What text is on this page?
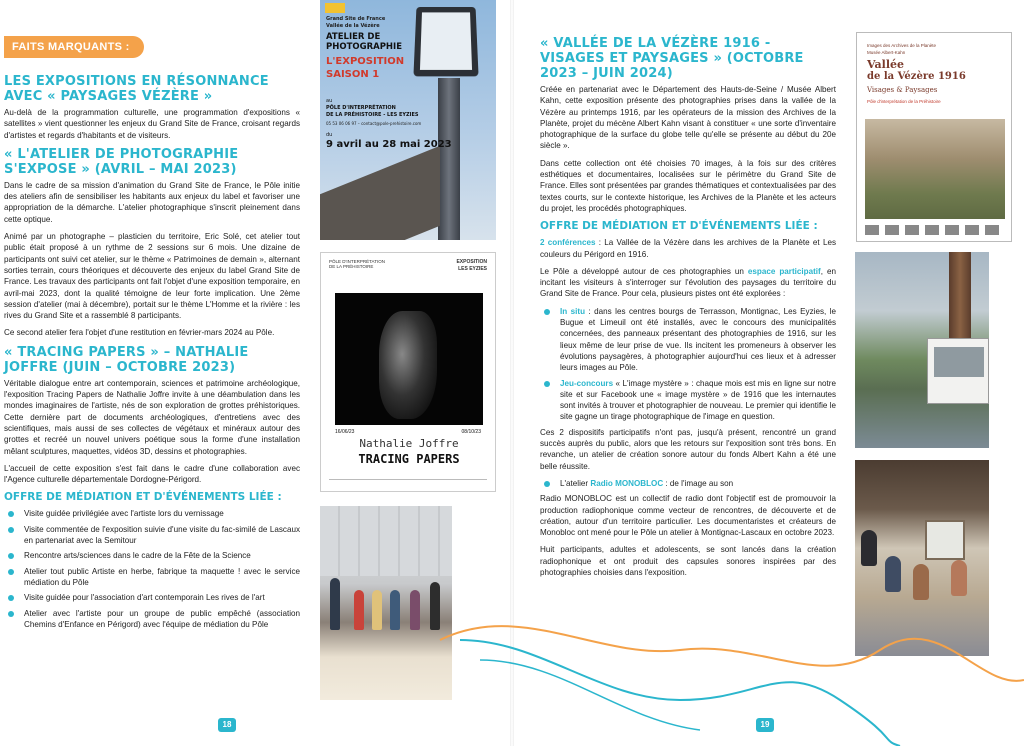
FAITS MARQUANTS :
LES EXPOSITIONS EN RÉSONNANCE AVEC « PAYSAGES VÉZÈRE »

Au-delà de la programmation culturelle, une programmation d'expositions « satellites » vient questionner les enjeux du Grand Site de France, croisant regards d'artistes et regards d'habitants et de visiteurs.

« L'ATELIER DE PHOTOGRAPHIE S'EXPOSE » (AVRIL – MAI 2023)

Dans le cadre de sa mission d'animation du Grand Site de France, le Pôle initie des ateliers afin de sensibiliser les habitants aux enjeux du label et favoriser une appropriation de la démarche. L'atelier photographique s'inscrit pleinement dans cette optique.

Animé par un photographe – plasticien du territoire, Eric Solé, cet atelier tout public était proposé à un rythme de 2 sessions sur 6 mois. Une dizaine de participants ont suivi cet atelier, sur le thème « Patrimoines de demain », alternant sorties terrain, cours théoriques et découverte des enjeux du label Grand Site de France. Les travaux des participants ont fait l'objet d'une exposition temporaire, en avril-mai 2023, dont la qualité témoigne de leur forte implication. Une 2ème session d'atelier (mai à décembre), portait sur le thème L'Homme et la rivière : les rives du Grand Site et a rassemblé 8 participants.

Ce second atelier fera l'objet d'une restitution en février-mars 2024 au Pôle.

« TRACING PAPERS » – NATHALIE JOFFRE (JUIN – OCTOBRE 2023)

Véritable dialogue entre art contemporain, sciences et patrimoine archéologique, l'exposition Tracing Papers de Nathalie Joffre invite à une déambulation dans les mondes imaginaires de l'artiste, nés de son exploration de grottes préhistoriques. Cette dernière part de documents archéologiques, d'entretiens avec des scientifiques, mais aussi de ses collectes de végétaux et minéraux autour des grottes et recréé un nouvel univers poétique sous la forme d'une installation mêlant sculptures, maquettes, vidéos 3D, dessins et photographies.

L'accueil de cette exposition s'est fait dans le cadre d'une collaboration avec l'Agence culturelle départementale Dordogne-Périgord.

OFFRE DE MÉDIATION ET D'ÉVÉNEMENTS LIÉE :
Visite guidée privilégiée avec l'artiste lors du vernissage
Visite commentée de l'exposition suivie d'une visite du fac-similé de Lascaux en partenariat avec la Semitour
Rencontre arts/sciences dans le cadre de la Fête de la Science
Atelier tout public Artiste en herbe, fabrique ta maquette ! avec le service médiation du Pôle
Visite guidée pour l'association d'art contemporain Les rives de l'art
Atelier avec l'artiste pour un groupe de public empêché (association Chemins d'Enfance en Périgord) avec l'équipe de médiation du Pôle
Grand Site de France
Vallée de la Vézère
ATELIER DE
PHOTOGRAPHIE
L'EXPOSITION
SAISON 1
au
PÔLE D'INTERPRÉTATION
DE LA PRÉHISTOIRE - LES EYZIES
05 53 06 06 97 – contact@pole-prehistoire.com
du
9 avril au 28 mai 2023
PÔLE D'INTERPRÉTATION DE LA PRÉHISTOIRE
EXPOSITION
LES EYZIES
16/06/23	08/10/23
Nathalie Joffre
TRACING PAPERS
18
« VALLÉE DE LA VÉZÈRE 1916 - VISAGES ET PAYSAGES » (OCTOBRE 2023 – JUIN 2024)

Créée en partenariat avec le Département des Hauts-de-Seine / Musée Albert Kahn, cette exposition présente des photographies prises dans la vallée de la Vézère au printemps 1916, par les opérateurs de la mission des Archives de la Planète, projet du mécène Albert Kahn visant à constituer « une sorte d'inventaire photographique de la surface du globe telle qu'elle se présente au début du 20e siècle ».

Dans cette collection ont été choisies 70 images, à la fois sur des critères esthétiques et documentaires, localisées sur le périmètre du Grand Site de France. Elles sont présentées par grandes thématiques et contextualisées par des textes courts, sur le contexte historique, les Archives de la Planète et les acteurs du projet, les procédés photographiques.

OFFRE DE MÉDIATION ET D'ÉVÉNEMENTS LIÉE :

2 conférences : La Vallée de la Vézère dans les archives de la Planète et Les couleurs du Périgord en 1916.

Le Pôle a développé autour de ces photographies un espace participatif, en incitant les visiteurs à s'interroger sur l'évolution des paysages du territoire du Grand Site de France. Pour cela, plusieurs pistes ont été explorées :

In situ : dans les centres bourgs de Terrasson, Montignac, Les Eyzies, le Bugue et Limeuil ont été installés, avec le concours des municipalités concernées, des panneaux présentant des photographies de 1916, sur les lieux même de leur prise de vue. Ils incitent les promeneurs à observer les évolutions paysagères, à photographier aujourd'hui ces lieux et à adresser leurs images au Pôle.
Jeu-concours « L'image mystère » : chaque mois est mis en ligne sur notre site et sur Facebook une « image mystère » de 1916 que les internautes sont invités à trouver et photographier de nouveau. Le premier qui identifie le site gagne un tirage photographique de l'image en question.

Ces 2 dispositifs participatifs n'ont pas, jusqu'à présent, rencontré un grand succès auprès du public, alors que les retours sur l'exposition sont très bons. En revanche, un atelier de création sonore autour du fonds Albert Kahn a été une belle réussite.

L'atelier Radio MONOBLOC : de l'image au son

Radio MONOBLOC est un collectif de radio dont l'objectif est de promouvoir la production radiophonique comme vecteur de rencontres, de découverte et de création, autour d'un territoire particulier. Les documentaristes et créateurs de Monobloc ont mené pour le Pôle un atelier à Montignac-Lascaux en octobre 2023.

Huit participants, adultes et adolescents, se sont lancés dans la création radiophonique et ont produit des capsules sonores inspirées par des photographies choisies dans l'exposition.

Images des Archives de la Planète
Musée Albert-Kahn
Vallée
de la Vézère 1916
Visages & Paysages
Pôle d'interprétation de la Préhistoire
19
